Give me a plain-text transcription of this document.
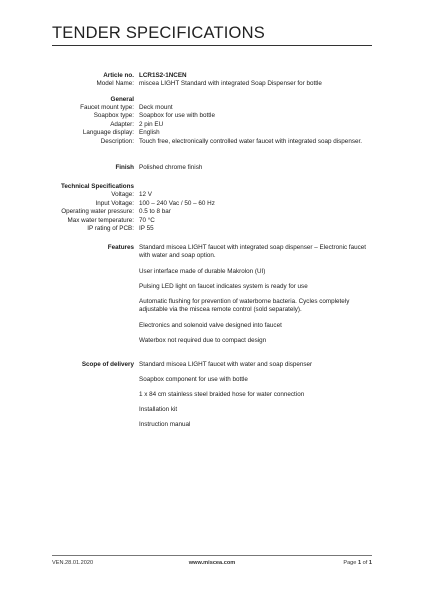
TENDER SPECIFICATIONS
Article no. LCR1S2-1NCEN
Model Name: miscea LIGHT Standard with integrated Soap Dispenser for bottle
General
Faucet mount type: Deck mount
Soapbox type: Soapbox for use with bottle
Adapter: 2 pin EU
Language display: English
Description: Touch free, electronically controlled water faucet with integrated soap dispenser.
Finish Polished chrome finish
Technical Specifications
Voltage: 12 V
Input Voltage: 100 – 240 Vac / 50 – 60 Hz
Operating water pressure: 0.5 to 8 bar
Max water temperature: 70 °C
IP rating of PCB: IP 55
Features Standard miscea LIGHT faucet with integrated soap dispenser – Electronic faucet with water and soap option.
User interface made of durable Makrolon (UI)
Pulsing LED light on faucet indicates system is ready for use
Automatic flushing for prevention of waterborne bacteria. Cycles completely adjustable via the miscea remote control (sold separately).
Electronics and solenoid valve designed into faucet
Waterbox not required due to compact design
Scope of delivery Standard miscea LIGHT faucet with water and soap dispenser
Soapbox component for use with bottle
1 x 84 cm stainless steel braided hose for water connection
Installation kit
Instruction manual
VEN.28.01.2020	www.miscea.com	Page 1 of 1
